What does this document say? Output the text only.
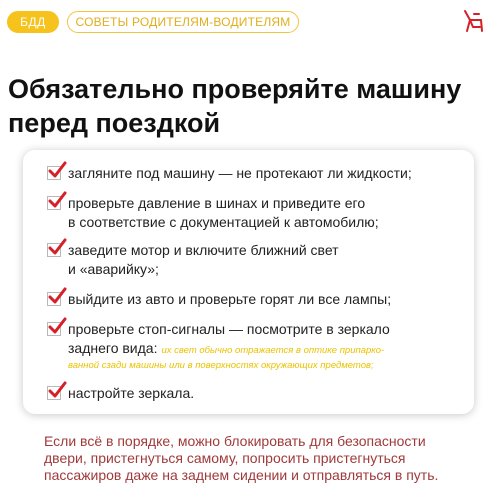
БДД	СОВЕТЫ РОДИТЕЛЯМ-ВОДИТЕЛЯМ
Обязательно проверяйте машину
перед поездкой
загляните под машину — не протекают ли жидкости;
проверьте давление в шинах и приведите его
в соответствие с документацией к автомобилю;
заведите мотор и включите ближний свет
и «аварийку»;
выйдите из авто и проверьте горят ли все лампы;
проверьте стоп-сигналы — посмотрите в зеркало
заднего вида: их свет обычно отражается в оптике припарко-
ванной сзади машины или в поверхностях окружающих предметов;
настройте зеркала.

Если всё в порядке, можно блокировать для безопасности
двери, пристегнуться самому, попросить пристегнуться
пассажиров даже на заднем сидении и отправляться в путь.
